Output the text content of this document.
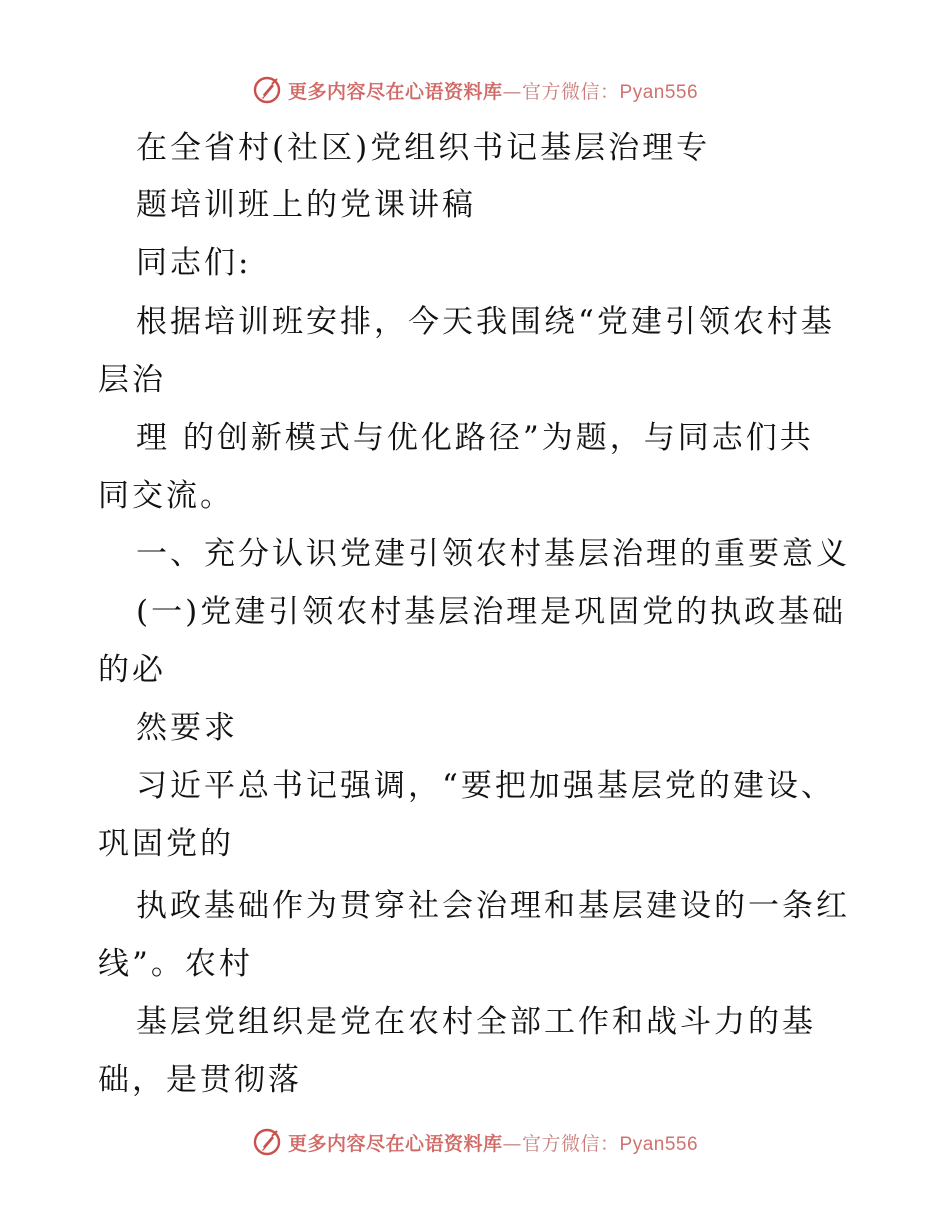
更多内容尽在心语资料库—官方微信：Pyan556
在全省村(社区)党组织书记基层治理专
题培训班上的党课讲稿
同志们:
根据培训班安排，今天我围绕“党建引领农村基
层治
理 的创新模式与优化路径”为题，与同志们共
同交流。
一、充分认识党建引领农村基层治理的重要意义
(一)党建引领农村基层治理是巩固党的执政基础
的必
然要求
习近平总书记强调，“要把加强基层党的建设、
巩固党的
执政基础作为贯穿社会治理和基层建设的一条红
线”。农村
基层党组织是党在农村全部工作和战斗力的基
础，是贯彻落
更多内容尽在心语资料库—官方微信：Pyan556
